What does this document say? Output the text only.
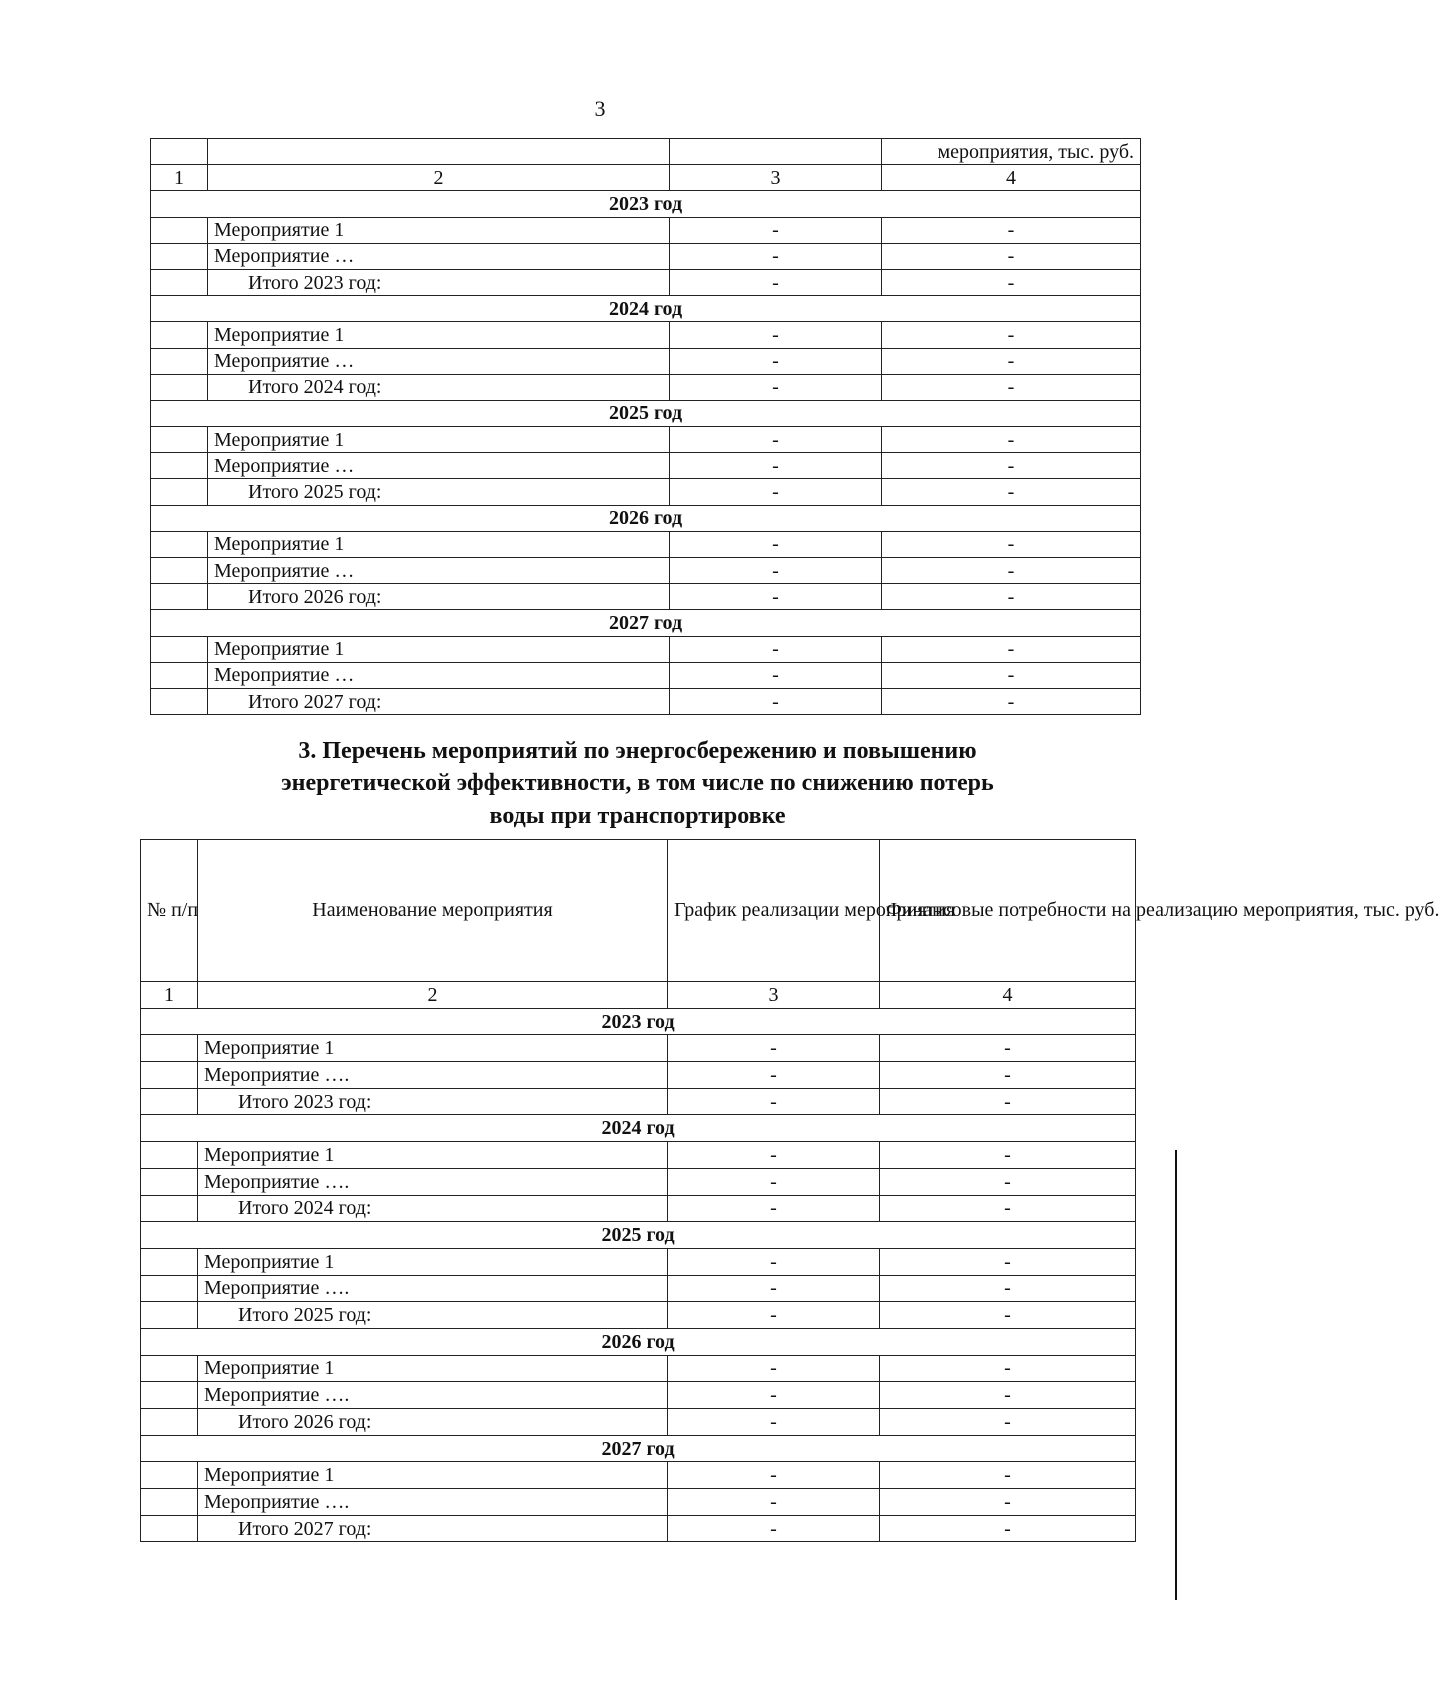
3
			мероприятия, тыс. руб.
1	2	3	4
2023 год			
	Мероприятие 1	-	-
	Мероприятие …	-	-
	Итого 2023 год:	-	-
2024 год			
	Мероприятие 1	-	-
	Мероприятие …	-	-
	Итого 2024 год:	-	-
2025 год			
	Мероприятие 1	-	-
	Мероприятие …	-	-
	Итого 2025 год:	-	-
2026 год			
	Мероприятие 1	-	-
	Мероприятие …	-	-
	Итого 2026 год:	-	-
2027 год			
	Мероприятие 1	-	-
	Мероприятие …	-	-
	Итого 2027 год:	-	-
3. Перечень мероприятий по энергосбережению и повышению
энергетической эффективности, в том числе по снижению потерь
воды при транспортировке
№ п/п	Наименование мероприятия	График реализации мероприятия	Финансовые потребности на реализацию мероприятия, тыс. руб.
1	2	3	4
2023 год			
	Мероприятие 1	-	-
	Мероприятие ….	-	-
	Итого 2023 год:	-	-
2024 год			
	Мероприятие 1	-	-
	Мероприятие ….	-	-
	Итого 2024 год:	-	-
2025 год			
	Мероприятие 1	-	-
	Мероприятие ….	-	-
	Итого 2025 год:	-	-
2026 год			
	Мероприятие 1	-	-
	Мероприятие ….	-	-
	Итого 2026 год:	-	-
2027 год			
	Мероприятие 1	-	-
	Мероприятие ….	-	-
	Итого 2027 год:	-	-
